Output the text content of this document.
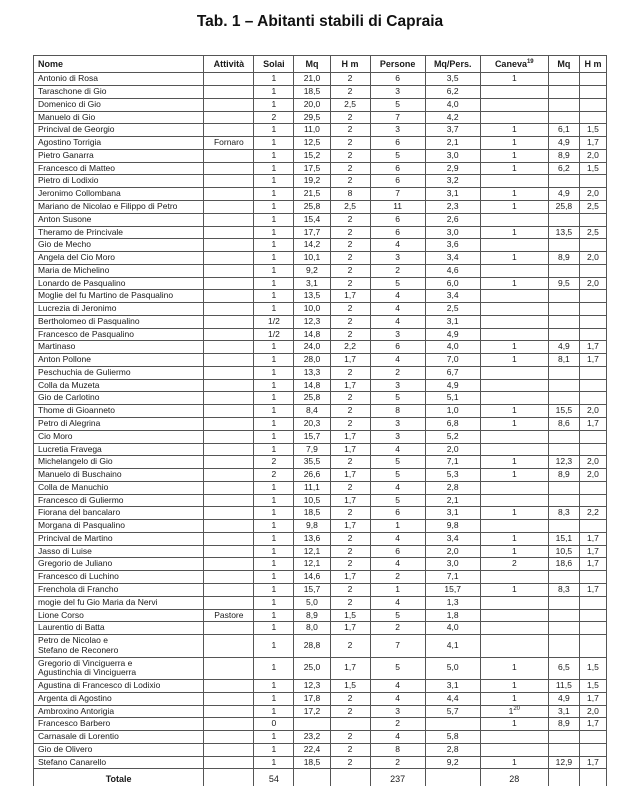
Tab. 1 – Abitanti stabili di Capraia
Nome	Attività	Solai	Mq	H m	Persone	Mq/Pers.	Caneva$^{19}$	Mq	H m
Antonio di Rosa		1	21,0	2	6	3,5	1		
Taraschone di Gio		1	18,5	2	3	6,2			
Domenico di Gio		1	20,0	2,5	5	4,0			
Manuelo di Gio		2	29,5	2	7	4,2			
Princival de Georgio		1	11,0	2	3	3,7	1	6,1	1,5
Agostino Torrigia	Fornaro	1	12,5	2	6	2,1	1	4,9	1,7
Pietro Ganarra		1	15,2	2	5	3,0	1	8,9	2,0
Francesco di Matteo		1	17,5	2	6	2,9	1	6,2	1,5
Pietro di Lodixio		1	19,2	2	6	3,2			
Jeronimo Collombana		1	21,5	8	7	3,1	1	4,9	2,0
Mariano de Nicolao e Filippo di Petro		1	25,8	2,5	11	2,3	1	25,8	2,5
Anton Susone		1	15,4	2	6	2,6			
Theramo de Princivale		1	17,7	2	6	3,0	1	13,5	2,5
Gio de Mecho		1	14,2	2	4	3,6			
Angela del Cio Moro		1	10,1	2	3	3,4	1	8,9	2,0
Maria de Michelino		1	9,2	2	2	4,6			
Lonardo de Pasqualino		1	3,1	2	5	6,0	1	9,5	2,0
Moglie del fu Martino de Pasqualino		1	13,5	1,7	4	3,4			
Lucrezia di Jeronimo		1	10,0	2	4	2,5			
Bertholomeo di Pasqualino		1/2	12,3	2	4	3,1			
Francesco de Pasqualino		1/2	14,8	2	3	4,9			
Martinaso		1	24,0	2,2	6	4,0	1	4,9	1,7
Anton Pollone		1	28,0	1,7	4	7,0	1	8,1	1,7
Peschuchia de Guliermo		1	13,3	2	2	6,7			
Colla da Muzeta		1	14,8	1,7	3	4,9			
Gio de Carlotino		1	25,8	2	5	5,1			
Thome di Gioanneto		1	8,4	2	8	1,0	1	15,5	2,0
Petro di Alegrina		1	20,3	2	3	6,8	1	8,6	1,7
Cio Moro		1	15,7	1,7	3	5,2			
Lucretia Fravega		1	7,9	1,7	4	2,0			
Michelangelo di Gio		2	35,5	2	5	7,1	1	12,3	2,0
Manuelo di Buschaino		2	26,6	1,7	5	5,3	1	8,9	2,0
Colla de Manuchio		1	11,1	2	4	2,8			
Francesco di Guliermo		1	10,5	1,7	5	2,1			
Fiorana del bancalaro		1	18,5	2	6	3,1	1	8,3	2,2
Morgana di Pasqualino		1	9,8	1,7	1	9,8			
Princival de Martino		1	13,6	2	4	3,4	1	15,1	1,7
Jasso di Luise		1	12,1	2	6	2,0	1	10,5	1,7
Gregorio de Juliano		1	12,1	2	4	3,0	2	18,6	1,7
Francesco di Luchino		1	14,6	1,7	2	7,1			
Frenchola di Francho		1	15,7	2	1	15,7	1	8,3	1,7
mogie del fu Gio Maria da Nervi		1	5,0	2	4	1,3			
Lione Corso	Pastore	1	8,9	1,5	5	1,8			
Laurentio di Batta		1	8,0	1,7	2	4,0			
Petro de Nicolao e
Stefano de Reconero		1	28,8	2	7	4,1			
Gregorio di Vinciguerra e
Agustinchia di Vinciguerra		1	25,0	1,7	5	5,0	1	6,5	1,5
Agustina di Francesco di Lodixio		1	12,3	1,5	4	3,1	1	11,5	1,5
Argenta di Agostino		1	17,8	2	4	4,4	1	4,9	1,7
Ambroxino Antorigia		1	17,2	2	3	5,7	$1^{20}$	3,1	2,0
Francesco Barbero		0			2		1	8,9	1,7
Carnasale di Lorentio		1	23,2	2	4	5,8			
Gio de Olivero		1	22,4	2	8	2,8			
Stefano Canarello		1	18,5	2	2	9,2	1	12,9	1,7
Totale		54			237		28		
